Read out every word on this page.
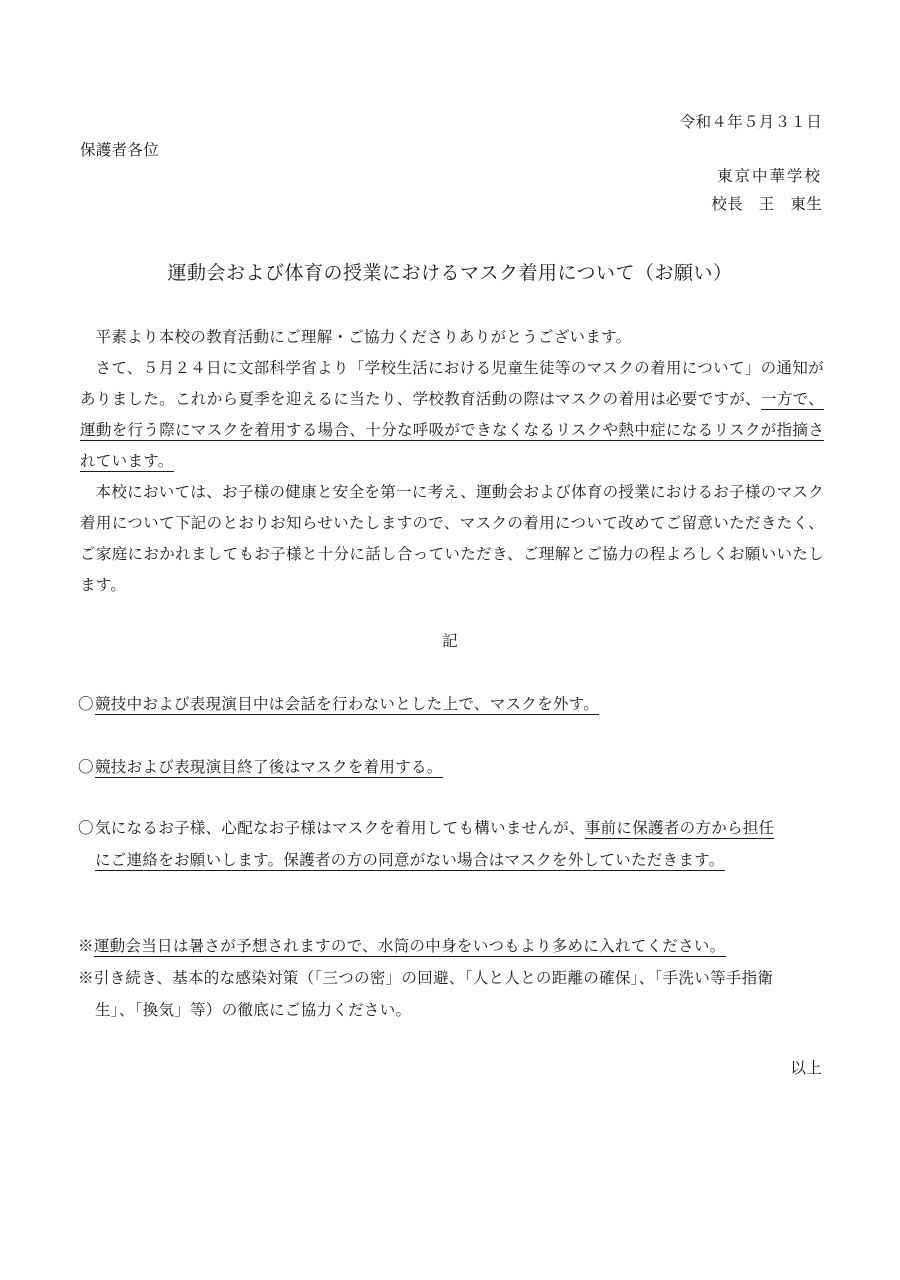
令和４年５月３１日
保護者各位
東京中華学校
校長　王　東生
運動会および体育の授業におけるマスク着用について（お願い）

平素より本校の教育活動にご理解・ご協力くださりありがとうございます。

さて、５月２４日に文部科学省より「学校生活における児童生徒等のマスクの着用について」の通知がありました。これから夏季を迎えるに当たり、学校教育活動の際はマスクの着用は必要ですが、一方で、運動を行う際にマスクを着用する場合、十分な呼吸ができなくなるリスクや熱中症になるリスクが指摘されています。

本校においては、お子様の健康と安全を第一に考え、運動会および体育の授業におけるお子様のマスク着用について下記のとおりお知らせいたしますので、マスクの着用について改めてご留意いただきたく、ご家庭におかれましてもお子様と十分に話し合っていただき、ご理解とご協力の程よろしくお願いいたします。

記
〇競技中および表現演目中は会話を行わないとした上で、マスクを外す。
〇競技および表現演目終了後はマスクを着用する。
〇気になるお子様、心配なお子様はマスクを着用しても構いませんが、事前に保護者の方から担任
にご連絡をお願いします。保護者の方の同意がない場合はマスクを外していただきます。
※運動会当日は暑さが予想されますので、水筒の中身をいつもより多めに入れてください。
※引き続き、基本的な感染対策（「三つの密」の回避、「人と人との距離の確保」、「手洗い等手指衛
生」、「換気」等）の徹底にご協力ください。
以上
